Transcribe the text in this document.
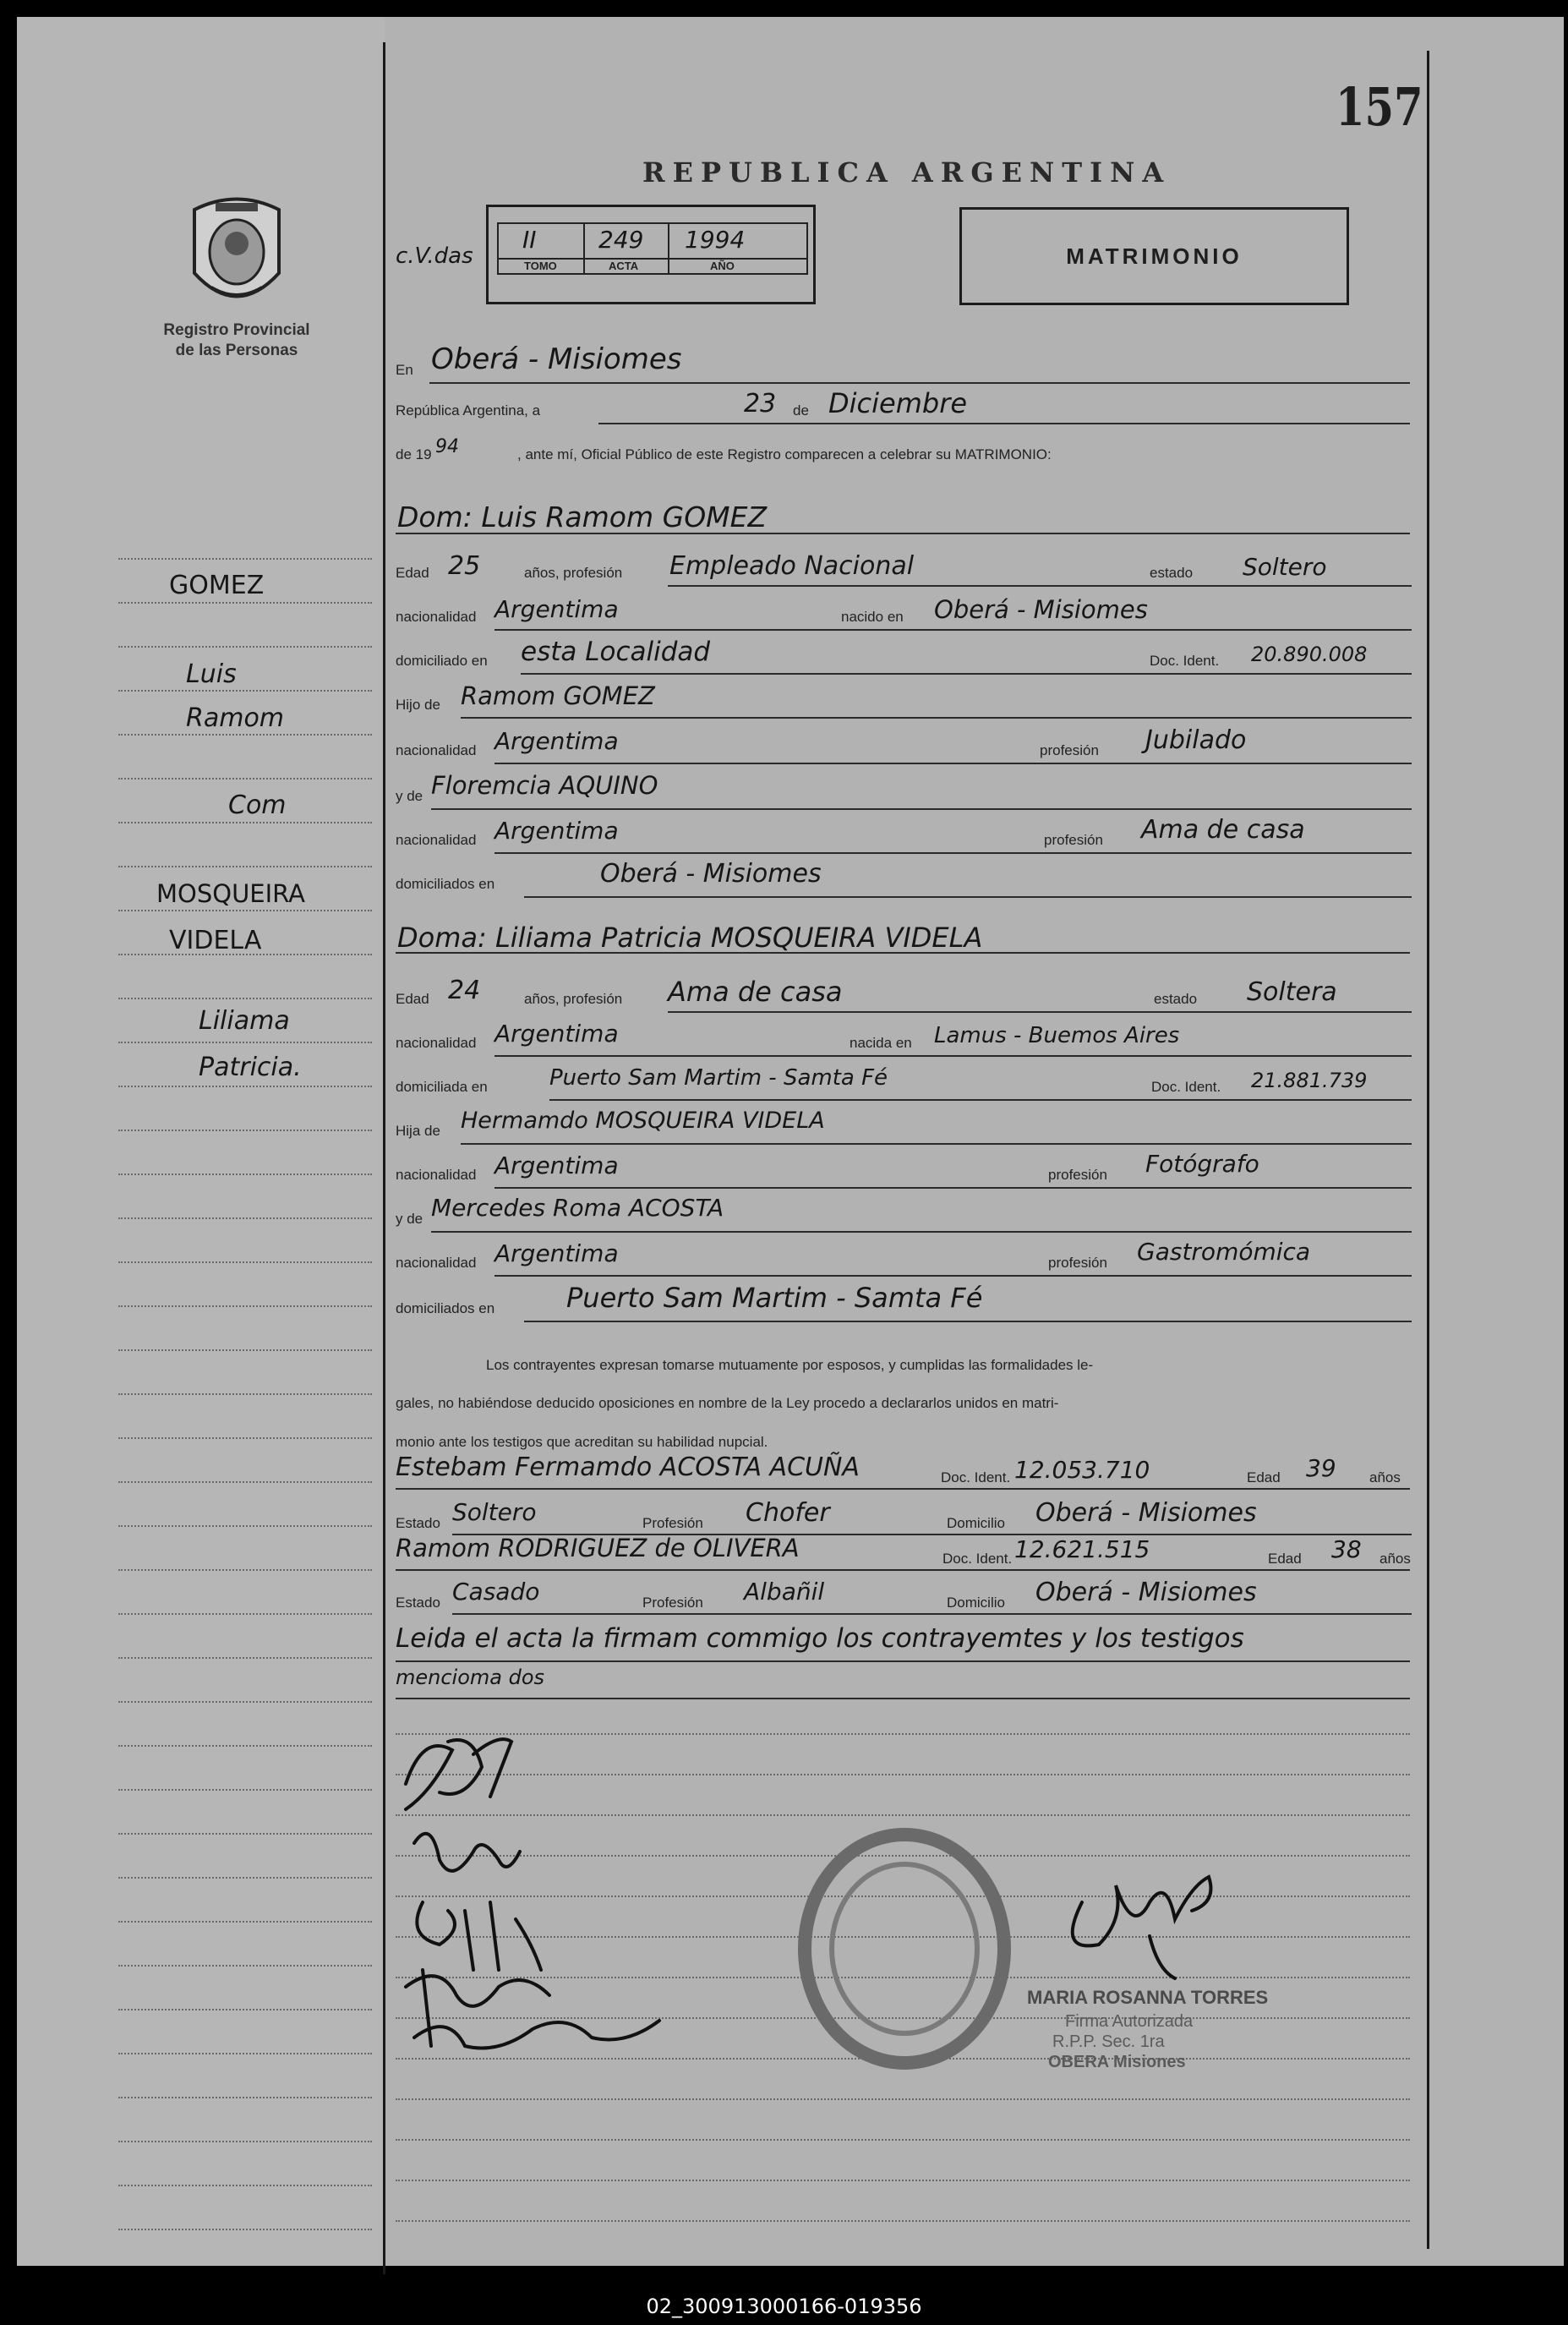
157
Registro Provincial
de las Personas
REPUBLICA ARGENTINA
c.V.das
II	249 1994
TOMO	ACTA	AÑO	MATRIMONIO
GOMEZ
Luis
Ramom
Com
MOSQUEIRA
VIDELA
Liliama
Patricia.
En Oberá - Misiomes
República Argentina, a	23 de Diciembre
de 19 94	, ante mí, Oficial Público de este Registro comparecen a celebrar su MATRIMONIO:
Dom: Luis Ramom GOMEZ
Edad 25	años, profesión Empleado Nacional	estado Soltero
nacionalidad Argentima	nacido en Oberá - Misiomes
domiciliado en esta Localidad	Doc. Ident. 20.890.008
Hijo de Ramom GOMEZ
nacionalidad Argentima	profesión Jubilado
y de Floremcia AQUINO
nacionalidad Argentima	profesión Ama de casa
domiciliados en	Oberá - Misiomes
Doma: Liliama Patricia MOSQUEIRA VIDELA
Edad 24	años, profesión Ama de casa	estado Soltera
nacionalidad Argentima	nacida en Lamus - Buemos Aires
domiciliada en	Puerto Sam Martim - Samta Fé	Doc. Ident. 21.881.739
Hija de Hermamdo MOSQUEIRA VIDELA
nacionalidad Argentima	profesión Fotógrafo
y de Mercedes Roma ACOSTA
nacionalidad Argentima	profesión Gastromómica
domiciliados en	Puerto Sam Martim - Samta Fé
Los contrayentes expresan tomarse mutuamente por esposos, y cumplidas las formalidades le-
gales, no habiéndose deducido oposiciones en nombre de la Ley procedo a declararlos unidos en matri-
monio ante los testigos que acreditan su habilidad nupcial.
Estebam Fermamdo ACOSTA ACUÑA	Doc. Ident. 12.053.710	Edad 39 años
Estado Soltero	Profesión Chofer	Domicilio Oberá - Misiomes
Ramom RODRIGUEZ de OLIVERA	Doc. Ident. 12.621.515	Edad 38 años
Estado Casado	Profesión Albañil	Domicilio Oberá - Misiomes
Leida el acta la firmam commigo los contrayemtes y los testigos
mencioma dos
MARIA ROSANNA TORRES
Firma Autorizada
R.P.P. Sec. 1ra
OBERA Misiones
02_300913000166-019356
